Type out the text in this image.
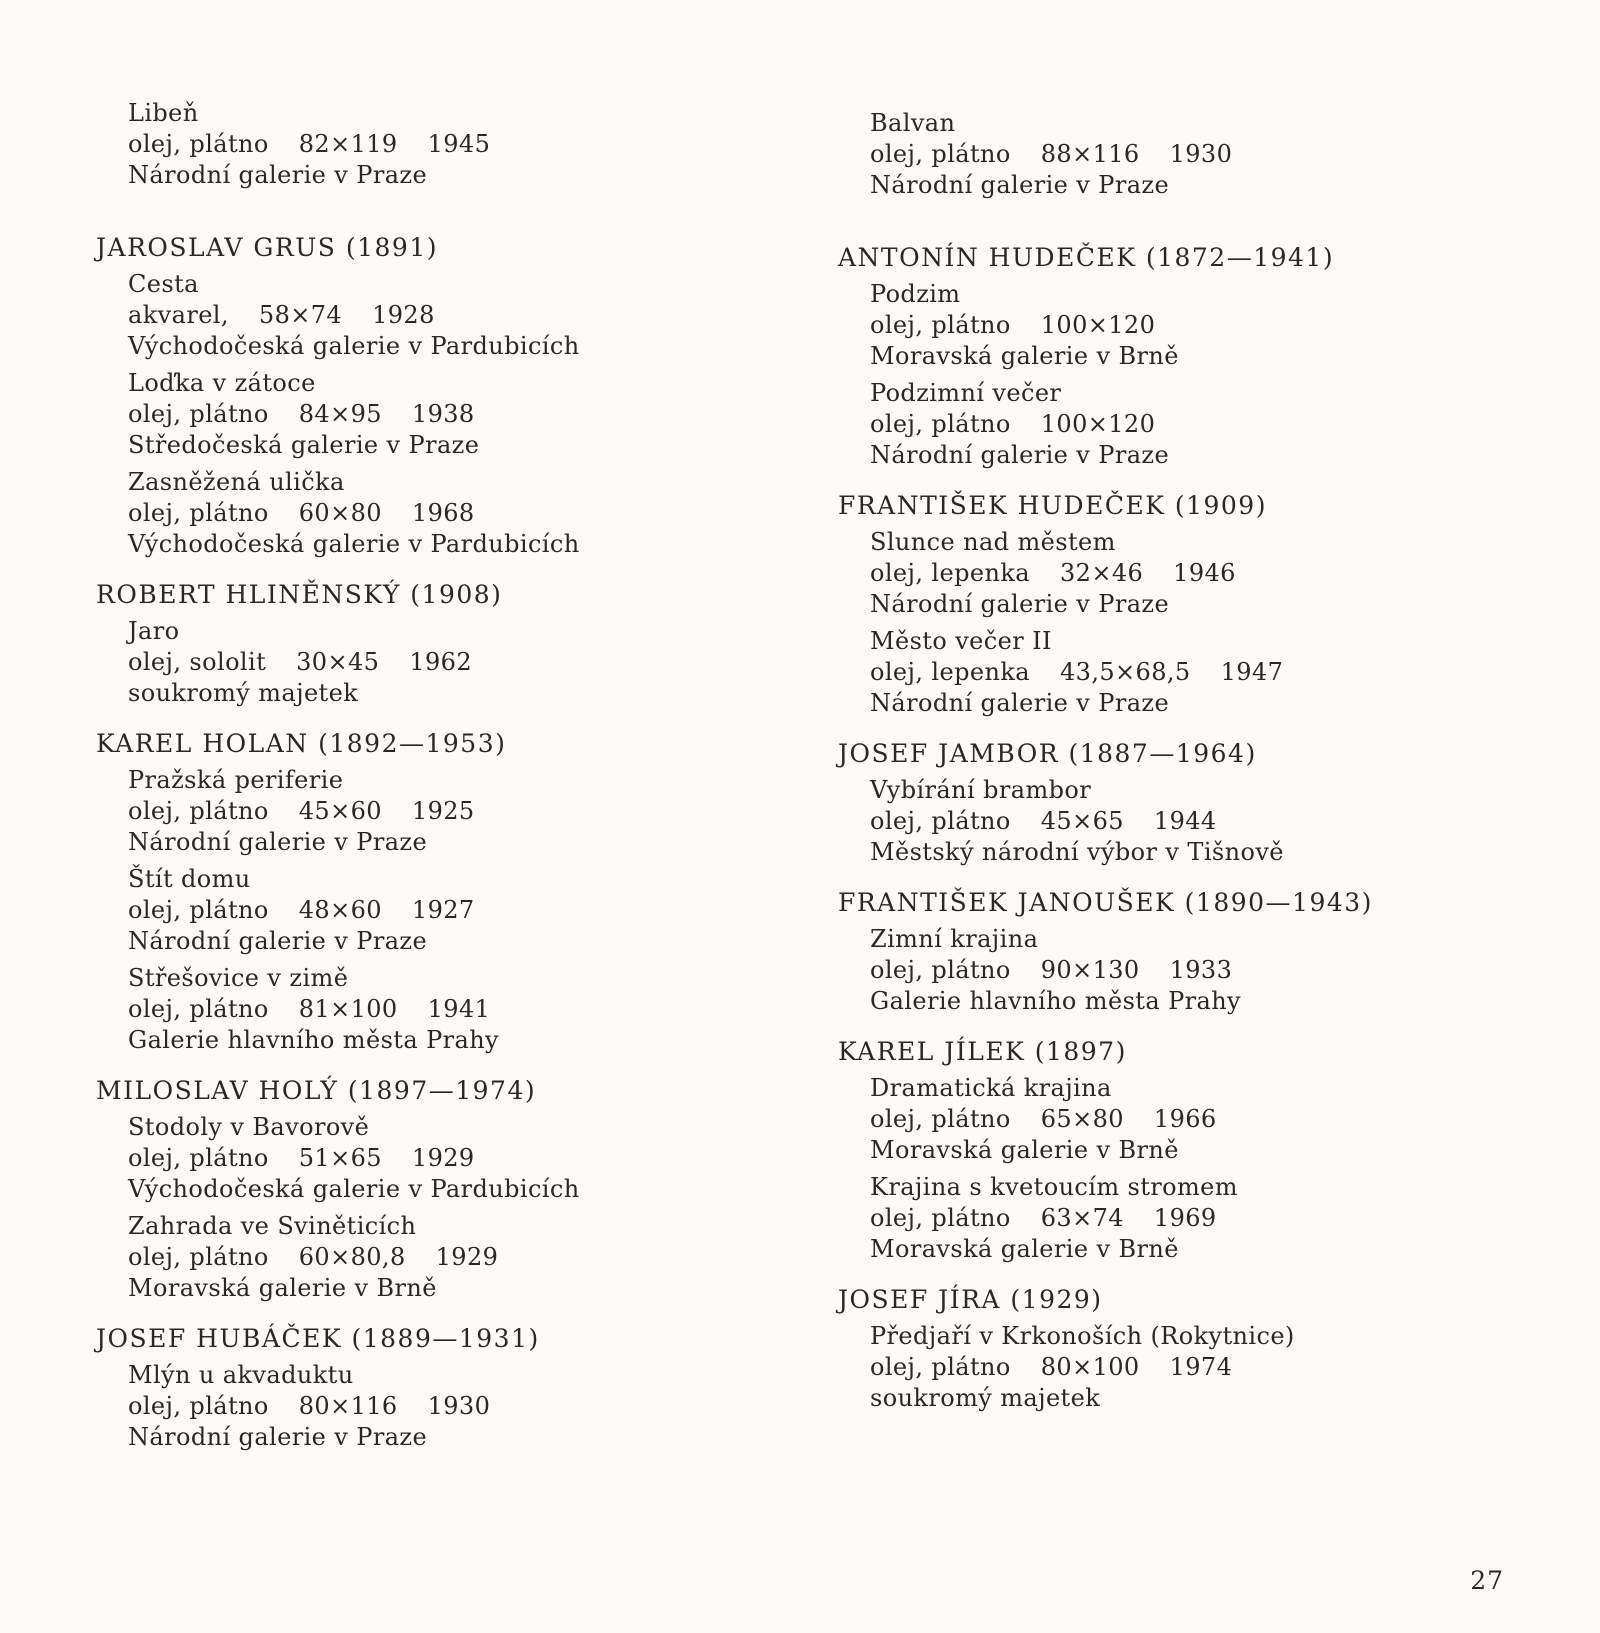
Libeň
olej, plátno 82×119 1945
Národní galerie v Praze
JAROSLAV GRUS (1891)
Cesta
akvarel, 58×74 1928
Východočeská galerie v Pardubicích
Loďka v zátoce
olej, plátno 84×95 1938
Středočeská galerie v Praze
Zasněžená ulička
olej, plátno 60×80 1968
Východočeská galerie v Pardubicích
ROBERT HLINĚNSKÝ (1908)
Jaro
olej, sololit 30×45 1962
soukromý majetek
KAREL HOLAN (1892—1953)
Pražská periferie
olej, plátno 45×60 1925
Národní galerie v Praze
Štít domu
olej, plátno 48×60 1927
Národní galerie v Praze
Střešovice v zimě
olej, plátno 81×100 1941
Galerie hlavního města Prahy
MILOSLAV HOLÝ (1897—1974)
Stodoly v Bavorově
olej, plátno 51×65 1929
Východočeská galerie v Pardubicích
Zahrada ve Sviněticích
olej, plátno 60×80,8 1929
Moravská galerie v Brně
JOSEF HUBÁČEK (1889—1931)
Mlýn u akvaduktu
olej, plátno 80×116 1930
Národní galerie v Praze
Balvan
olej, plátno 88×116 1930
Národní galerie v Praze
ANTONÍN HUDEČEK (1872—1941)
Podzim
olej, plátno 100×120
Moravská galerie v Brně
Podzimní večer
olej, plátno 100×120
Národní galerie v Praze
FRANTIŠEK HUDEČEK (1909)
Slunce nad městem
olej, lepenka 32×46 1946
Národní galerie v Praze
Město večer II
olej, lepenka 43,5×68,5 1947
Národní galerie v Praze
JOSEF JAMBOR (1887—1964)
Vybírání brambor
olej, plátno 45×65 1944
Městský národní výbor v Tišnově
FRANTIŠEK JANOUŠEK (1890—1943)
Zimní krajina
olej, plátno 90×130 1933
Galerie hlavního města Prahy
KAREL JÍLEK (1897)
Dramatická krajina
olej, plátno 65×80 1966
Moravská galerie v Brně
Krajina s kvetoucím stromem
olej, plátno 63×74 1969
Moravská galerie v Brně
JOSEF JÍRA (1929)
Předjaří v Krkonoších (Rokytnice)
olej, plátno 80×100 1974
soukromý majetek
27
